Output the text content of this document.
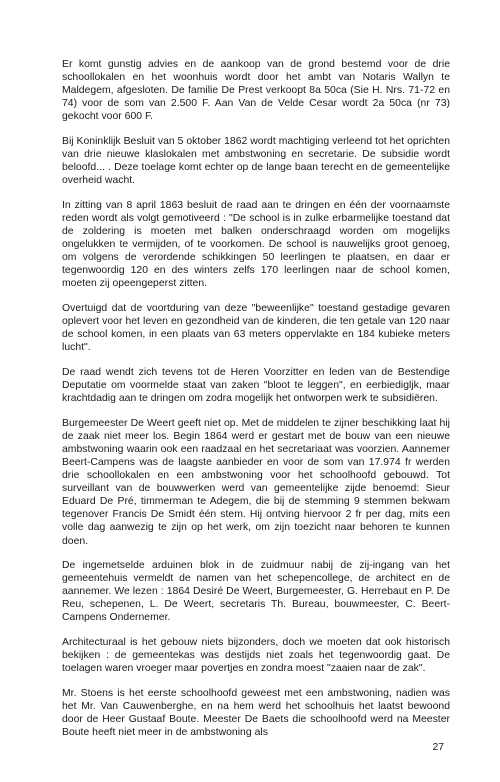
Er komt gunstig advies en de aankoop van de grond bestemd voor de drie schoollokalen en het woonhuis wordt door het ambt van Notaris Wallyn te Maldegem, afgesloten. De familie De Prest verkoopt 8a 50ca (Sie H. Nrs. 71-72 en 74) voor de som van 2.500 F. Aan Van de Velde Cesar wordt 2a 50ca (nr 73) gekocht voor 600 F.

Bij Koninklijk Besluit van 5 oktober 1862 wordt machtiging verleend tot het oprichten van drie nieuwe klaslokalen met ambstwoning en secretarie. De subsidie wordt beloofd... . Deze toelage komt echter op de lange baan terecht en de gemeentelijke overheid wacht.

In zitting van 8 april 1863 besluit de raad aan te dringen en één der voornaamste reden wordt als volgt gemotiveerd : "De school is in zulke erbarmelijke toestand dat de zoldering is moeten met balken onderschraagd worden om mogelijks ongelukken te vermijden, of te voorkomen. De school is nauwelijks groot genoeg, om volgens de verordende schikkingen 50 leerlingen te plaatsen, en daar er tegenwoordig 120 en des winters zelfs 170 leerlingen naar de school komen, moeten zij opeengeperst zitten.

Overtuigd dat de voortduring van deze "beweenlijke" toestand gestadige gevaren oplevert voor het leven en gezondheid van de kinderen, die ten getale van 120 naar de school komen, in een plaats van 63 meters oppervlakte en 184 kubieke meters lucht".

De raad wendt zich tevens tot de Heren Voorzitter en leden van de Bestendige Deputatie om voormelde staat van zaken "bloot te leggen", en eerbiedigljk, maar krachtdadig aan te dringen om zodra mogelijk het ontworpen werk te subsidiëren.

Burgemeester De Weert geeft niet op. Met de middelen te zijner beschikking laat hij de zaak niet meer los. Begin 1864 werd er gestart met de bouw van een nieuwe ambstwoning waarin ook een raadzaal en het secretariaat was voorzien. Aannemer Beert-Campens was de laagste aanbieder en voor de som van 17.974 fr werden drie schoollokalen en een ambstwoning voor het schoolhoofd gebouwd. Tot surveillant van de bouwwerken werd van gemeentelijke zijde benoemd: Sieur Eduard De Pré, timmerman te Adegem, die bij de stemming 9 stemmen bekwam tegenover Francis De Smidt één stem. Hij ontving hiervoor 2 fr per dag, mits een volle dag aanwezig te zijn op het werk, om zijn toezicht naar behoren te kunnen doen.

De ingemetselde arduinen blok in de zuidmuur nabij de zij-ingang van het gemeentehuis vermeldt de namen van het schepencollege, de architect en de aannemer. We lezen : 1864 Desiré De Weert, Burgemeester, G. Herrebaut en P. De Reu, schepenen, L. De Weert, secretaris Th. Bureau, bouwmeester, C. Beert-Campens Ondernemer.

Architecturaal is het gebouw niets bijzonders, doch we moeten dat ook historisch bekijken : de gemeentekas was destijds niet zoals het tegenwoordig gaat. De toelagen waren vroeger maar povertjes en zondra moest "zaaien naar de zak".

Mr. Stoens is het eerste schoolhoofd geweest met een ambstwoning, nadien was het Mr. Van Cauwenberghe, en na hem werd het schoolhuis het laatst bewoond door de Heer Gustaaf Boute. Meester De Baets die schoolhoofd werd na Meester Boute heeft niet meer in de ambstwoning als

27
